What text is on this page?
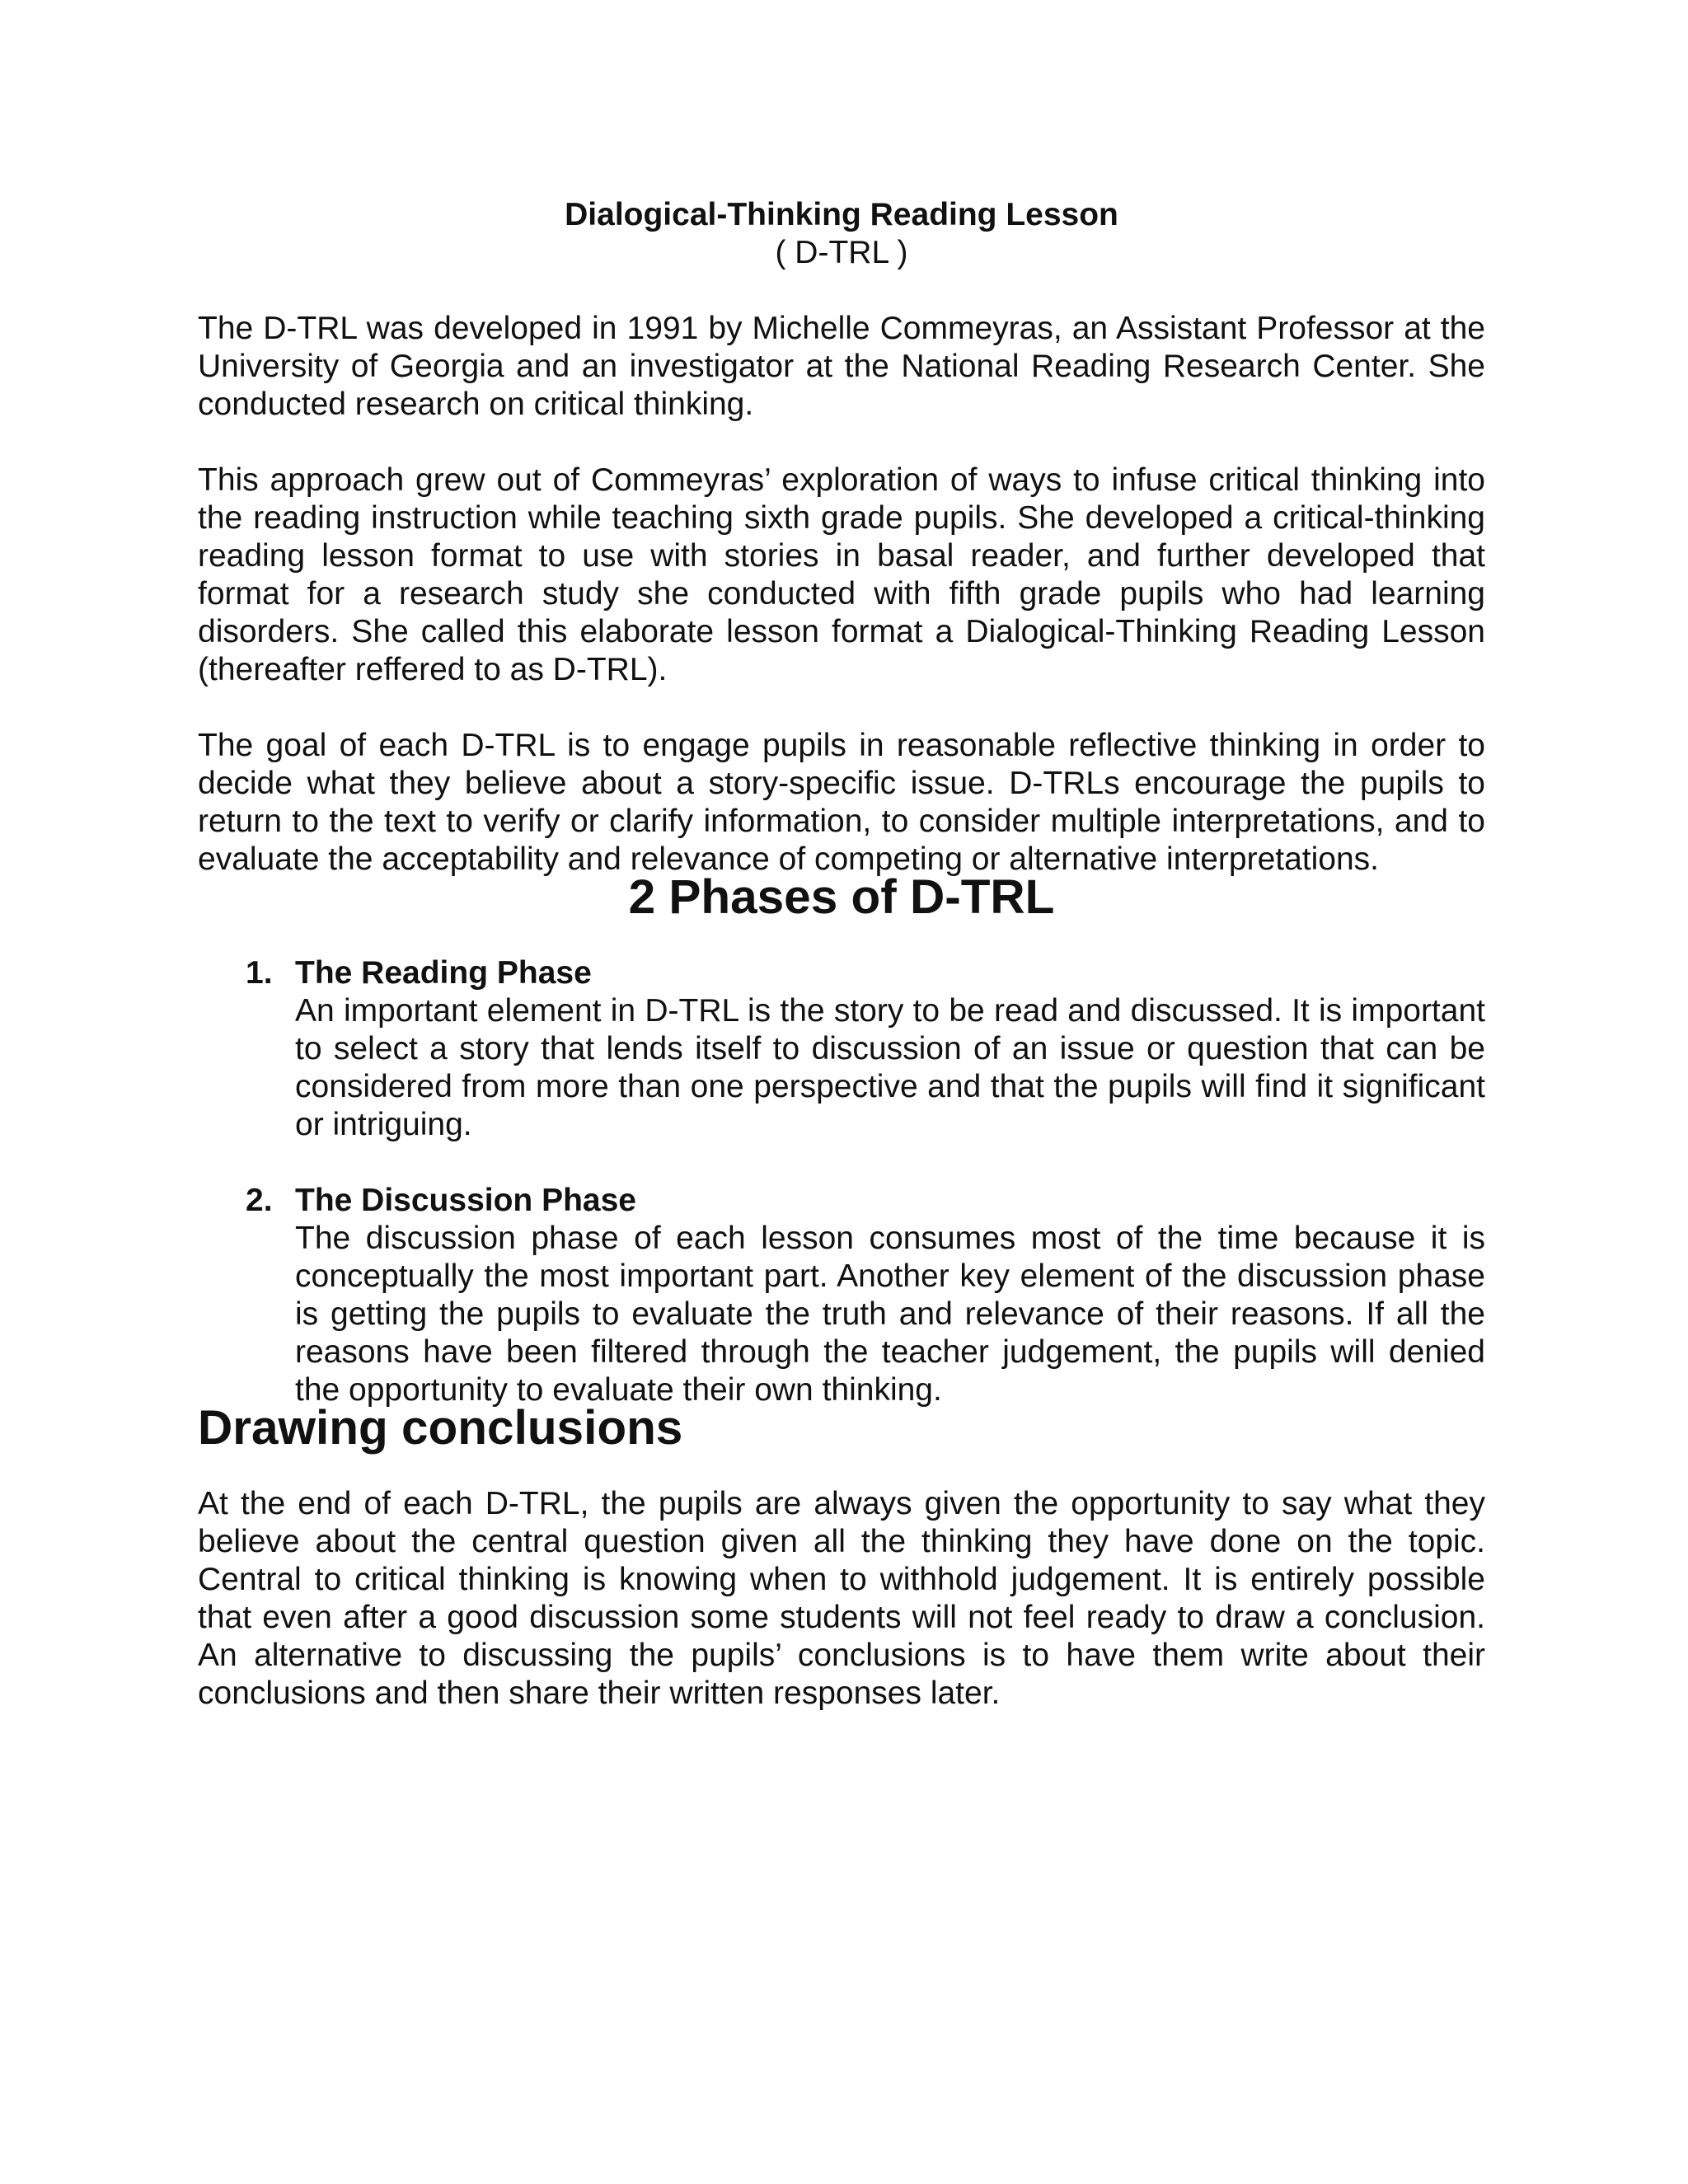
Dialogical-Thinking Reading Lesson

( D-TRL )

The D-TRL was developed in 1991 by Michelle Commeyras, an Assistant Professor at the University of Georgia and an investigator at the National Reading Research Center. She conducted research on critical thinking.

This approach grew out of Commeyras’ exploration of ways to infuse critical thinking into the reading instruction while teaching sixth grade pupils. She developed a critical-thinking reading lesson format to use with stories in basal reader, and further developed that format for a research study she conducted with fifth grade pupils who had learning disorders. She called this elaborate lesson format a Dialogical-Thinking Reading Lesson (thereafter reffered to as D-TRL).

The goal of each D-TRL is to engage pupils in reasonable reflective thinking in order to decide what they believe about a story-specific issue. D-TRLs encourage the pupils to return to the text to verify or clarify information, to consider multiple interpretations, and to evaluate the acceptability and relevance of competing or alternative interpretations.

2 Phases of D-TRL
1. The Reading Phase

An important element in D-TRL is the story to be read and discussed. It is important to select a story that lends itself to discussion of an issue or question that can be considered from more than one perspective and that the pupils will find it significant or intriguing.

2. The Discussion Phase

The discussion phase of each lesson consumes most of the time because it is conceptually the most important part. Another key element of the discussion phase is getting the pupils to evaluate the truth and relevance of their reasons. If all the reasons have been filtered through the teacher judgement, the pupils will denied the opportunity to evaluate their own thinking.

Drawing conclusions

At the end of each D-TRL, the pupils are always given the opportunity to say what they believe about the central question given all the thinking they have done on the topic. Central to critical thinking is knowing when to withhold judgement. It is entirely possible that even after a good discussion some students will not feel ready to draw a conclusion. An alternative to discussing the pupils’ conclusions is to have them write about their conclusions and then share their written responses later.
